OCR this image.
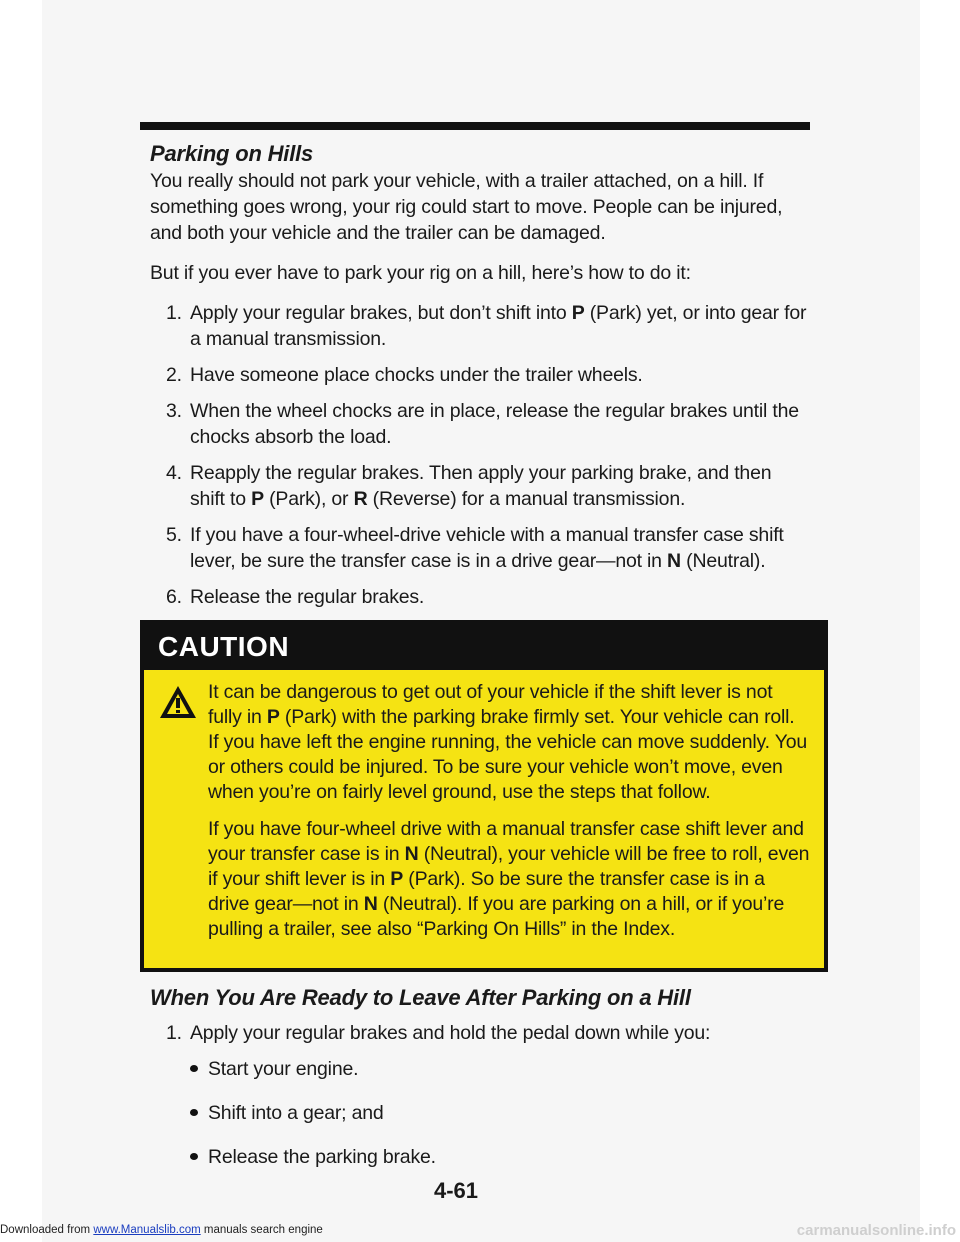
Parking on Hills

You really should not park your vehicle, with a trailer attached, on a hill. If something goes wrong, your rig could start to move. People can be injured, and both your vehicle and the trailer can be damaged.

But if you ever have to park your rig on a hill, here’s how to do it:

1. Apply your regular brakes, but don’t shift into P (Park) yet, or into gear for a manual transmission.
2. Have someone place chocks under the trailer wheels.
3. When the wheel chocks are in place, release the regular brakes until the chocks absorb the load.
4. Reapply the regular brakes. Then apply your parking brake, and then shift to P (Park), or R (Reverse) for a manual transmission.
5. If you have a four-wheel-drive vehicle with a manual transfer case shift lever, be sure the transfer case is in a drive gear—not in N (Neutral).
6. Release the regular brakes.
CAUTION

It can be dangerous to get out of your vehicle if the shift lever is not fully in P (Park) with the parking brake firmly set. Your vehicle can roll.

If you have left the engine running, the vehicle can move suddenly. You or others could be injured. To be sure your vehicle won’t move, even when you’re on fairly level ground, use the steps that follow.

If you have four-wheel drive with a manual transfer case shift lever and your transfer case is in N (Neutral), your vehicle will be free to roll, even if your shift lever is in P (Park). So be sure the transfer case is in a drive gear—not in N (Neutral). If you are parking on a hill, or if you’re pulling a trailer, see also “Parking On Hills” in the Index.

When You Are Ready to Leave After Parking on a Hill
1. Apply your regular brakes and hold the pedal down while you:
Start your engine.
Shift into a gear; and
Release the parking brake.
4-61
Downloaded from www.Manualslib.com manuals search engine	carmanualsonline.info
